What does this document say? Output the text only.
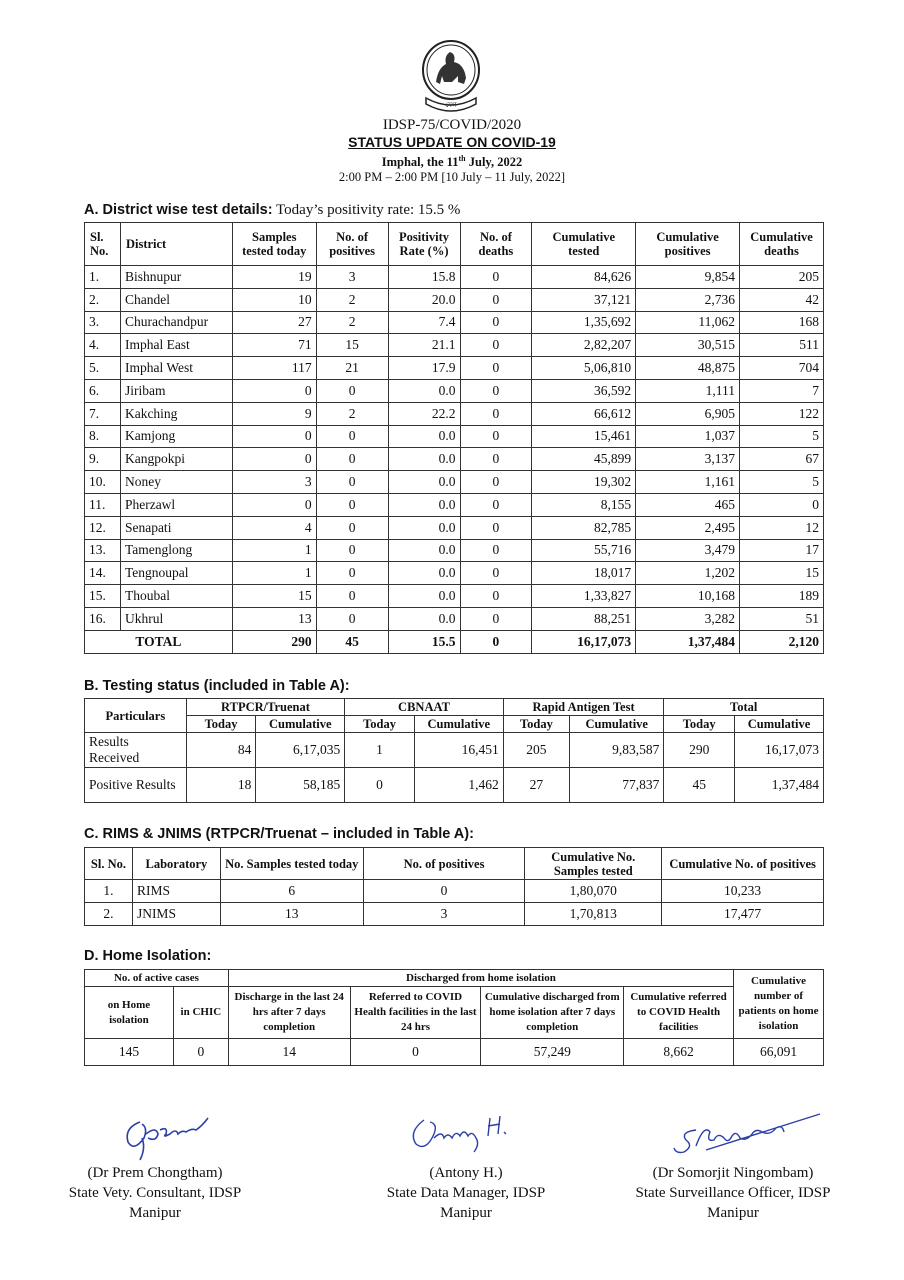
মেগ
IDSP-75/COVID/2020
STATUS UPDATE ON COVID-19
Imphal, the 11th July, 2022
2:00 PM – 2:00 PM [10 July – 11 July, 2022]
A. District wise test details: Today’s positivity rate: 15.5 %
Sl. No.	District	Samples tested today	No. of positives	Positivity Rate (%)	No. of deaths	Cumulative tested	Cumulative positives	Cumulative deaths
1.	Bishnupur	19	3	15.8	0	84,626	9,854	205
2.	Chandel	10	2	20.0	0	37,121	2,736	42
3.	Churachandpur	27	2	7.4	0	1,35,692	11,062	168
4.	Imphal East	71	15	21.1	0	2,82,207	30,515	511
5.	Imphal West	117	21	17.9	0	5,06,810	48,875	704
6.	Jiribam	0	0	0.0	0	36,592	1,111	7
7.	Kakching	9	2	22.2	0	66,612	6,905	122
8.	Kamjong	0	0	0.0	0	15,461	1,037	5
9.	Kangpokpi	0	0	0.0	0	45,899	3,137	67
10.	Noney	3	0	0.0	0	19,302	1,161	5
11.	Pherzawl	0	0	0.0	0	8,155	465	0
12.	Senapati	4	0	0.0	0	82,785	2,495	12
13.	Tamenglong	1	0	0.0	0	55,716	3,479	17
14.	Tengnoupal	1	0	0.0	0	18,017	1,202	15
15.	Thoubal	15	0	0.0	0	1,33,827	10,168	189
16.	Ukhrul	13	0	0.0	0	88,251	3,282	51
TOTAL		290	45	15.5	0	16,17,073	1,37,484	2,120
B. Testing status (included in Table A):
Particulars	RTPCR/Truenat		CBNAAT		Rapid Antigen Test		Total	
	Today	Cumulative	Today	Cumulative	Today	Cumulative	Today	Cumulative
Results Received	84	6,17,035	1	16,451	205	9,83,587	290	16,17,073
Positive Results	18	58,185	0	1,462	27	77,837	45	1,37,484
C. RIMS & JNIMS (RTPCR/Truenat – included in Table A):
Sl. No.	Laboratory	No. Samples tested today	No. of positives	Cumulative No. Samples tested	Cumulative No. of positives
1.	RIMS	6	0	1,80,070	10,233
2.	JNIMS	13	3	1,70,813	17,477
D. Home Isolation:
No. of active cases		Discharged from home isolation				Cumulative number of patients on home isolation
on Home isolation	in CHIC	Discharge in the last 24 hrs after 7 days completion	Referred to COVID Health facilities in the last 24 hrs	Cumulative discharged from home isolation after 7 days completion	Cumulative referred to COVID Health facilities	
145	0	14	0	57,249	8,662	66,091
(Dr Prem Chongtham)
State Vety. Consultant, IDSP
Manipur
(Antony H.)
State Data Manager, IDSP
Manipur
(Dr Somorjit Ningombam)
State Surveillance Officer, IDSP
Manipur
